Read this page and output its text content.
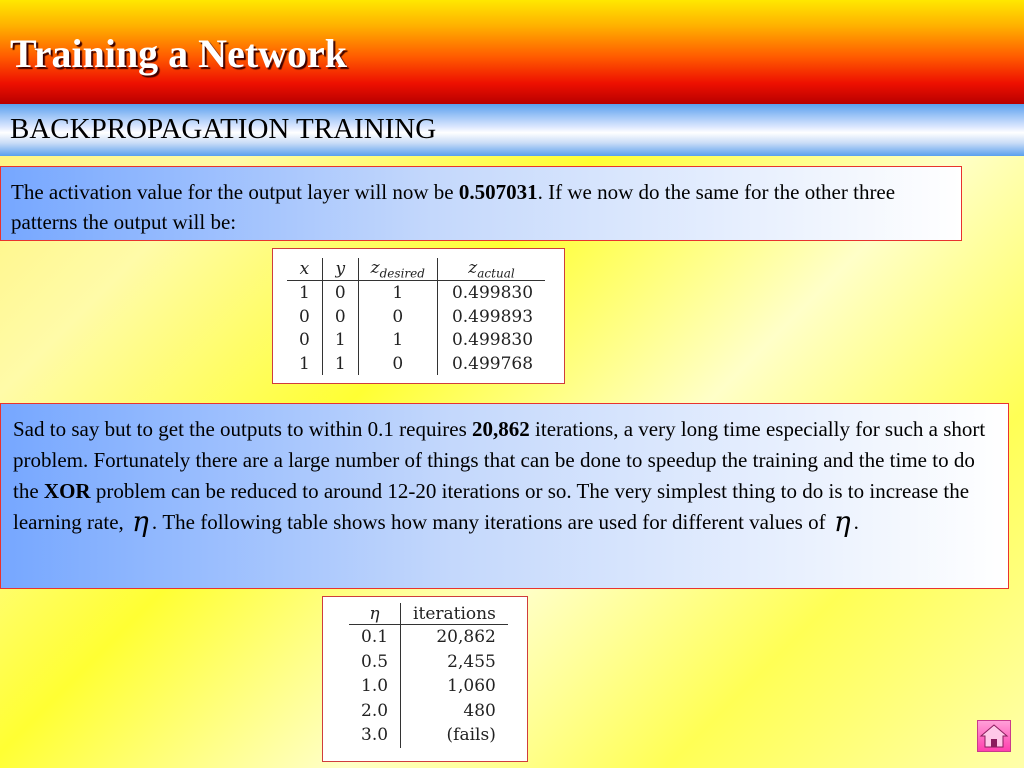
Training a Network
BACKPROPAGATION TRAINING
The activation value for the output layer will now be 0.507031. If we now do the same for the other three patterns the output will be:
x	y	$z_{desired}$	$z_{actual}$
1	0	1	0.499830
0	0	0	0.499893
0	1	1	0.499830
1	1	0	0.499768
Sad to say but to get the outputs to within 0.1 requires 20,862 iterations, a very long time especially for such a short problem. Fortunately there are a large number of things that can be done to speedup the training and the time to do the XOR problem can be reduced to around 12-20 iterations or so. The very simplest thing to do is to increase the learning rate, η . The following table shows how many iterations are used for different values of η .
η	iterations
0.1	20,862
0.5	2,455
1.0	1,060
2.0	480
3.0	(fails)
